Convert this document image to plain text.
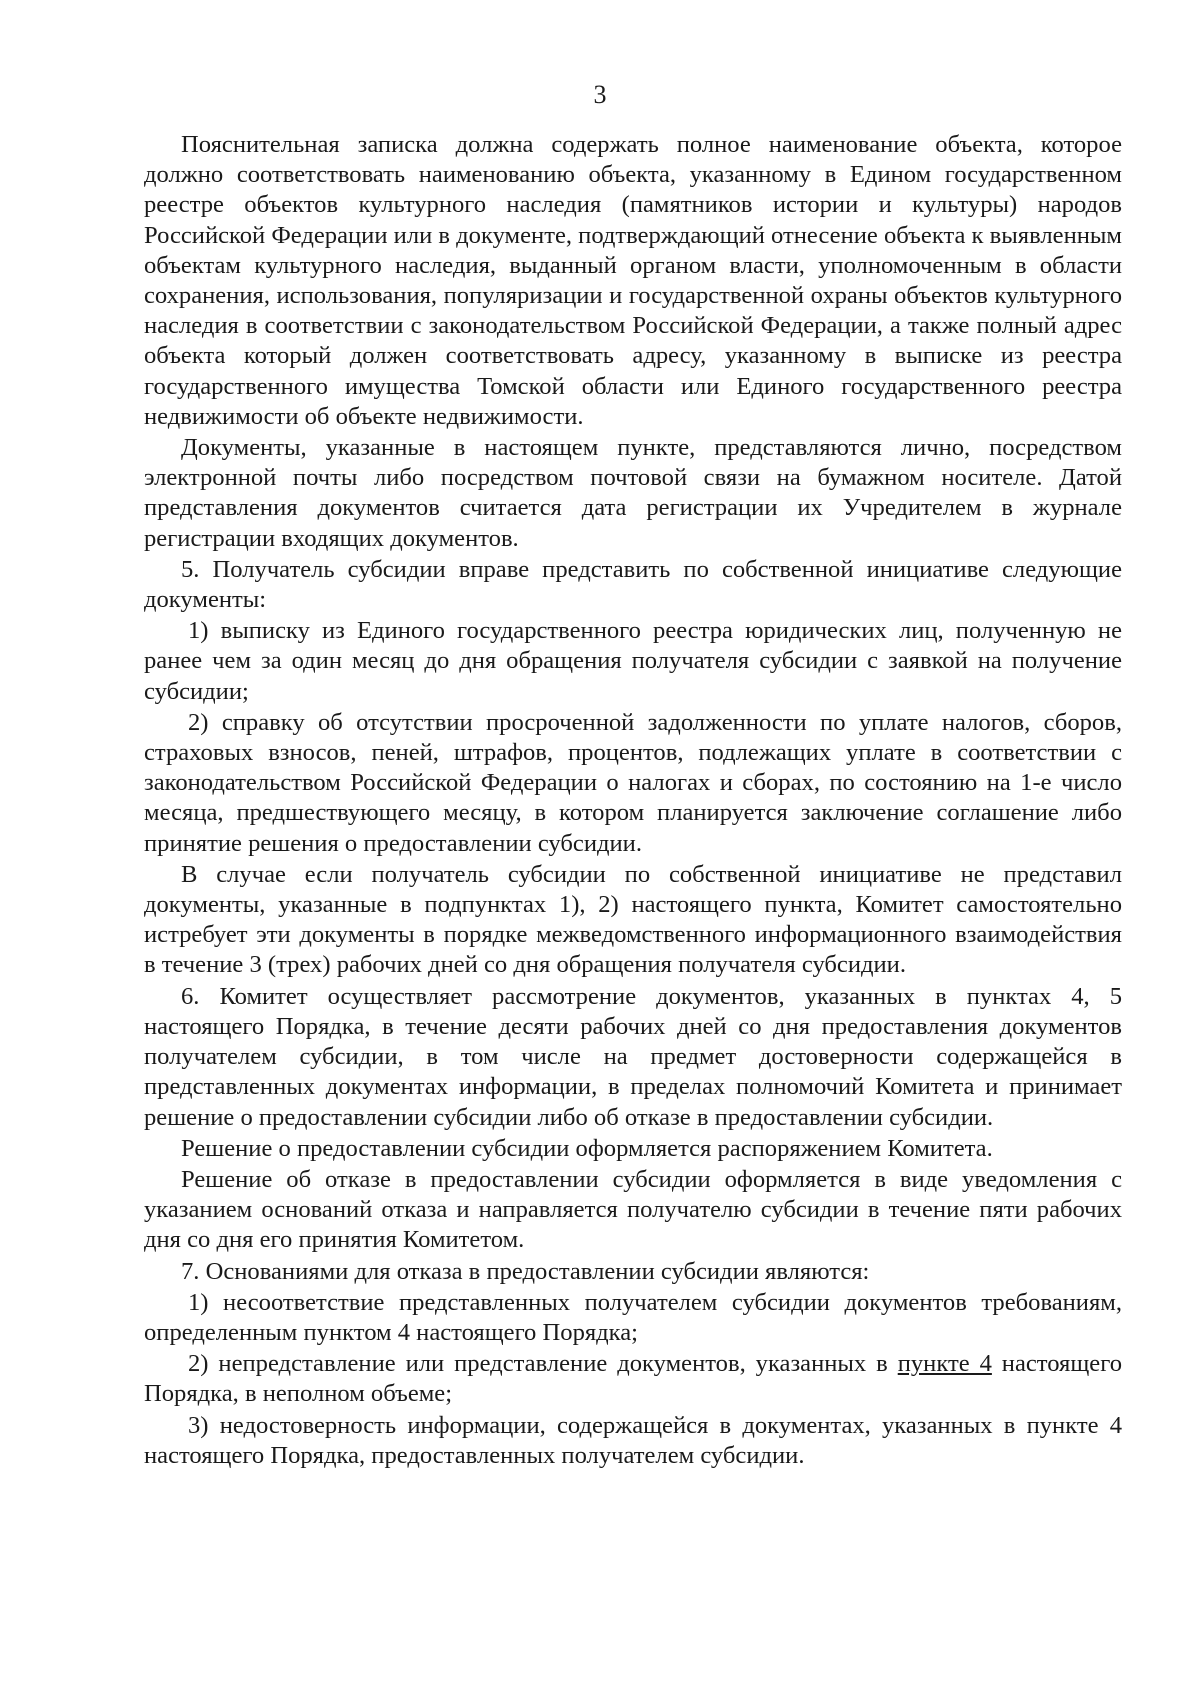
3

Пояснительная записка должна содержать полное наименование объекта, которое должно соответствовать наименованию объекта, указанному в Едином государственном реестре объектов культурного наследия (памятников истории и культуры) народов Российской Федерации или в документе, подтверждающий отнесение объекта к выявленным объектам культурного наследия, выданный органом власти, уполномоченным в области сохранения, использования, популяризации и государственной охраны объектов культурного наследия в соответствии с законодательством Российской Федерации, а также полный адрес объекта который должен соответствовать адресу, указанному в выписке из реестра государственного имущества Томской области или Единого государственного реестра недвижимости об объекте недвижимости.

Документы, указанные в настоящем пункте, представляются лично, посредством электронной почты либо посредством почтовой связи на бумажном носителе. Датой представления документов считается дата регистрации их Учредителем в журнале регистрации входящих документов.

5. Получатель субсидии вправе представить по собственной инициативе следующие документы:

1) выписку из Единого государственного реестра юридических лиц, полученную не ранее чем за один месяц до дня обращения получателя субсидии с заявкой на получение субсидии;

2) справку об отсутствии просроченной задолженности по уплате налогов, сборов, страховых взносов, пеней, штрафов, процентов, подлежащих уплате в соответствии с законодательством Российской Федерации о налогах и сборах, по состоянию на 1-е число месяца, предшествующего месяцу, в котором планируется заключение соглашение либо принятие решения о предоставлении субсидии.

В случае если получатель субсидии по собственной инициативе не представил документы, указанные в подпунктах 1), 2) настоящего пункта, Комитет самостоятельно истребует эти документы в порядке межведомственного информационного взаимодействия в течение 3 (трех) рабочих дней со дня обращения получателя субсидии.

6. Комитет осуществляет рассмотрение документов, указанных в пунктах 4, 5 настоящего Порядка, в течение десяти рабочих дней со дня предоставления документов получателем субсидии, в том числе на предмет достоверности содержащейся в представленных документах информации, в пределах полномочий Комитета и принимает решение о предоставлении субсидии либо об отказе в предоставлении субсидии.

Решение о предоставлении субсидии оформляется распоряжением Комитета.

Решение об отказе в предоставлении субсидии оформляется в виде уведомления с указанием оснований отказа и направляется получателю субсидии в течение пяти рабочих дня со дня его принятия Комитетом.

7. Основаниями для отказа в предоставлении субсидии являются:

1) несоответствие представленных получателем субсидии документов требованиям, определенным пунктом 4 настоящего Порядка;

2) непредставление или представление документов, указанных в пункте 4 настоящего Порядка, в неполном объеме;

3) недостоверность информации, содержащейся в документах, указанных в пункте 4 настоящего Порядка, предоставленных получателем субсидии.
